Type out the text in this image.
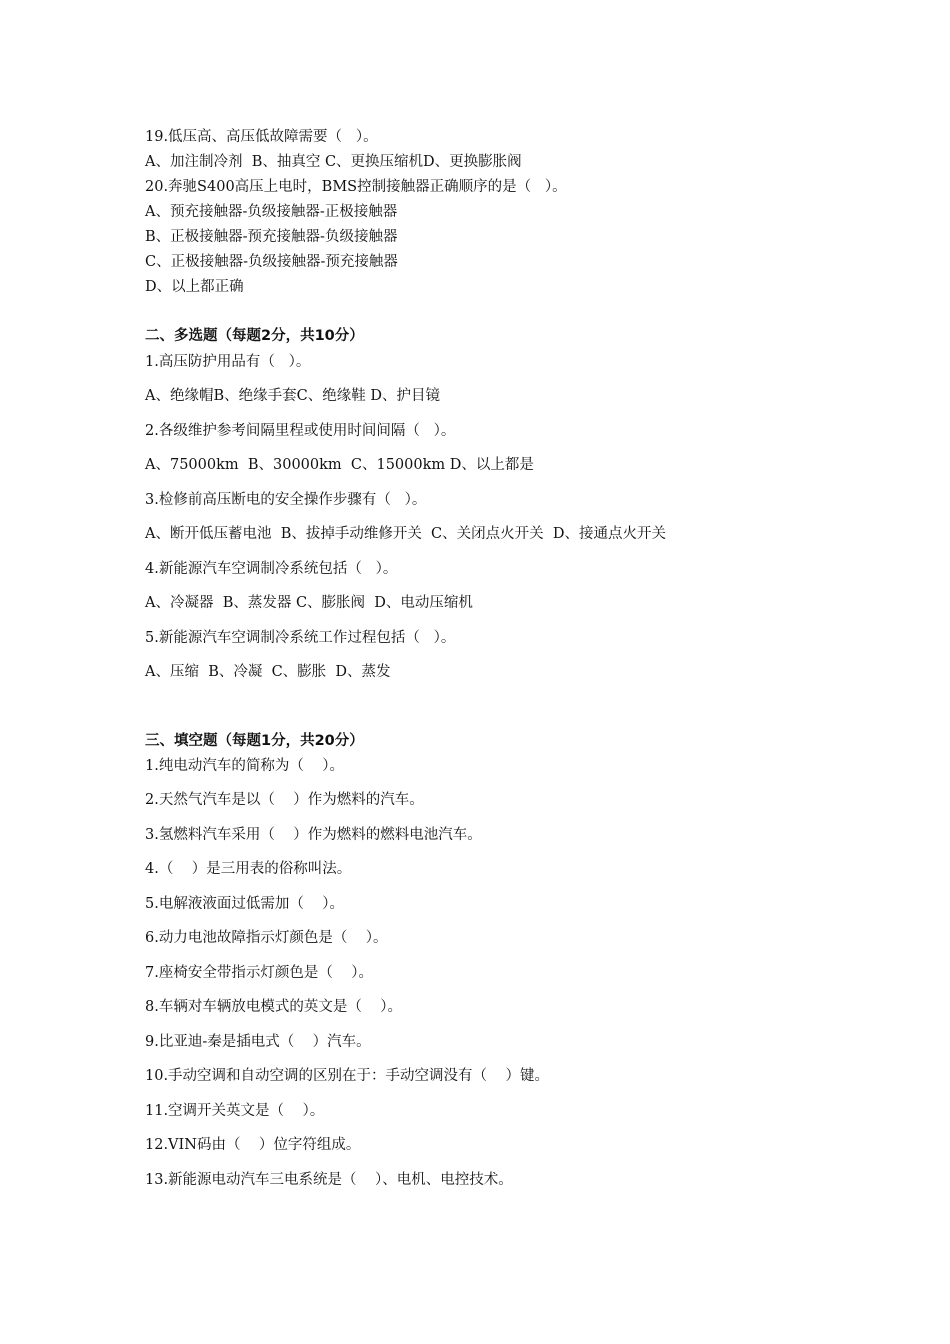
19.低压高、高压低故障需要（   ）。
A、加注制冷剂  B、抽真空 C、更换压缩机D、更换膨胀阀
20.奔驰S400高压上电时，BMS控制接触器正确顺序的是（   ）。
A、预充接触器-负级接触器-正极接触器
B、正极接触器-预充接触器-负级接触器
C、正极接触器-负级接触器-预充接触器
D、以上都正确
二、多选题（每题2分，共10分）
1.高压防护用品有（   ）。
A、绝缘帽B、绝缘手套C、绝缘鞋 D、护目镜
2.各级维护参考间隔里程或使用时间间隔（   ）。
A、75000km  B、30000km  C、15000km D、以上都是
3.检修前高压断电的安全操作步骤有（   ）。
A、断开低压蓄电池  B、拔掉手动维修开关  C、关闭点火开关  D、接通点火开关
4.新能源汽车空调制冷系统包括（   ）。
A、冷凝器  B、蒸发器 C、膨胀阀  D、电动压缩机
5.新能源汽车空调制冷系统工作过程包括（   ）。
A、压缩  B、冷凝  C、膨胀  D、蒸发
三、填空题（每题1分，共20分）
1.纯电动汽车的简称为（    ）。
2.天然气汽车是以（    ）作为燃料的汽车。
3.氢燃料汽车采用（    ）作为燃料的燃料电池汽车。
4.（    ）是三用表的俗称叫法。
5.电解液液面过低需加（    ）。
6.动力电池故障指示灯颜色是（    ）。
7.座椅安全带指示灯颜色是（    ）。
8.车辆对车辆放电模式的英文是（    ）。
9.比亚迪-秦是插电式（    ）汽车。
10.手动空调和自动空调的区别在于：手动空调没有（    ）键。
11.空调开关英文是（    ）。
12.VIN码由（    ）位字符组成。
13.新能源电动汽车三电系统是（    ）、电机、电控技术。
